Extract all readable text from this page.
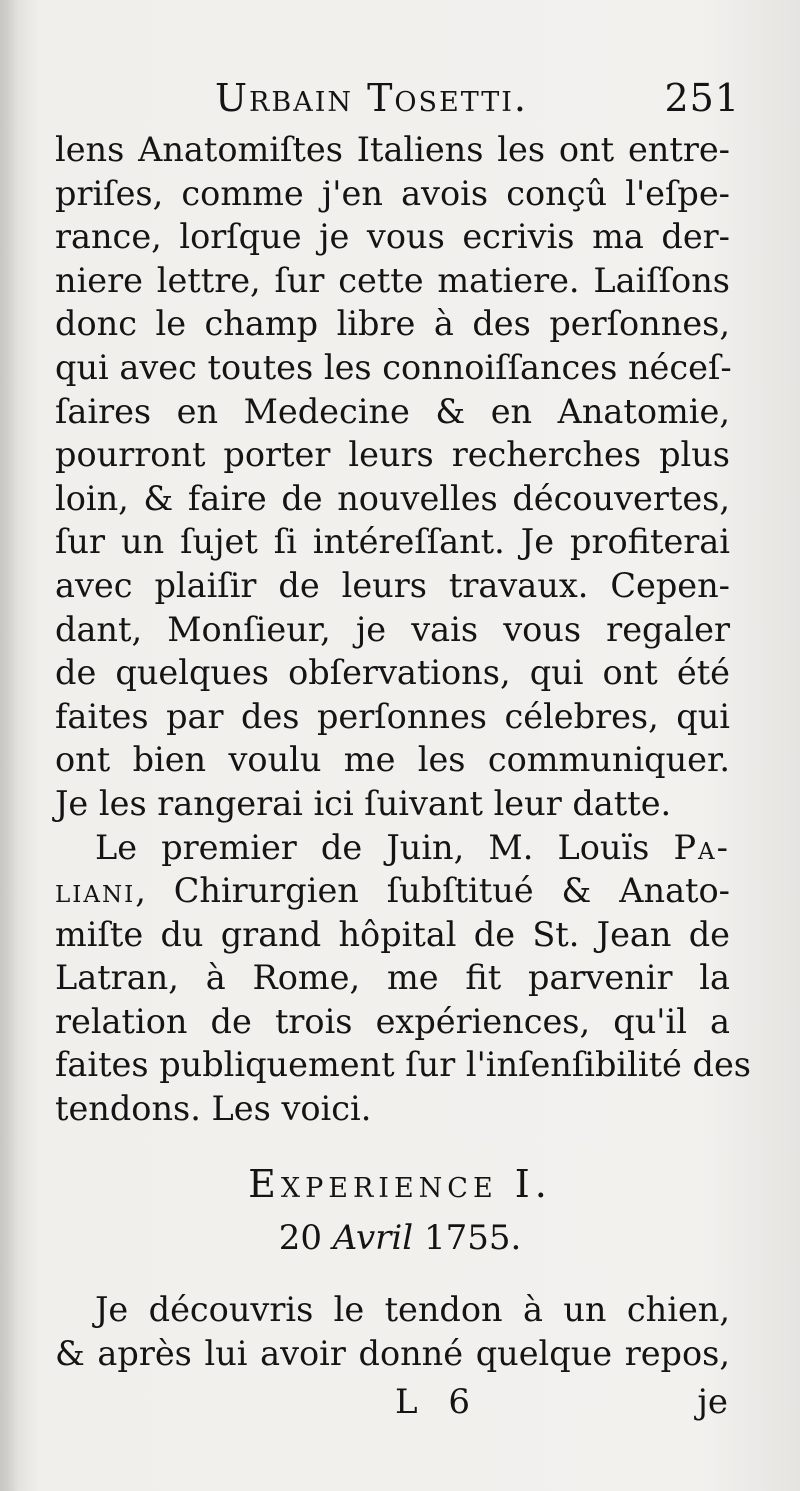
Urbain Tosetti.	251
lens Anatomiſtes Italiens les ont entre-
priſes, comme j'en avois conçû l'eſpe-
rance, lorſque je vous ecrivis ma der-
niere lettre, ſur cette matiere. Laiſſons
donc le champ libre à des perſonnes,
qui avec toutes les connoiſſances néceſ-
ſaires en Medecine & en Anatomie,
pourront porter leurs recherches plus
loin, & faire de nouvelles découvertes,
ſur un ſujet ſi intéreſſant. Je profiterai
avec plaiſir de leurs travaux. Cepen-
dant, Monſieur, je vais vous regaler
de quelques obſervations, qui ont été
faites par des perſonnes célebres, qui
ont bien voulu me les communiquer.
Je les rangerai ici ſuivant leur datte.
Le premier de Juin, M. Louïs Pa-
liani, Chirurgien ſubſtitué & Anato-
miſte du grand hôpital de St. Jean de
Latran, à Rome, me fit parvenir la
relation de trois expériences, qu'il a
faites publiquement ſur l'inſenſibilité des
tendons. Les voici.
Experience I.
20 Avril 1755.
Je découvris le tendon à un chien,
& après lui avoir donné quelque repos,
L 6	je
